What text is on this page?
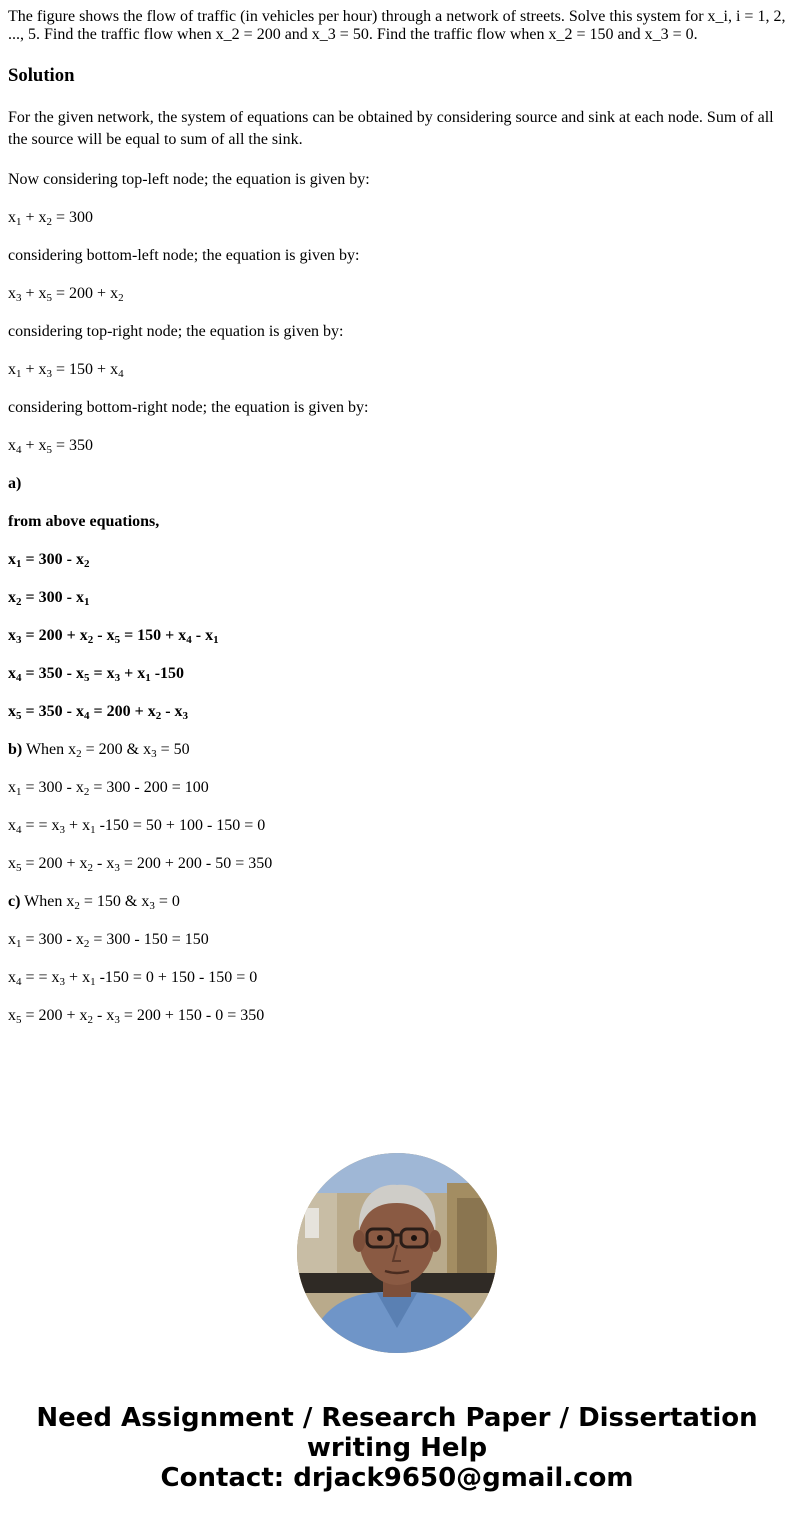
The figure shows the flow of traffic (in vehicles per hour) through a network of streets. Solve this system for x_i, i = 1, 2, ..., 5. Find the traffic flow when x_2 = 200 and x_3 = 50. Find the traffic flow when x_2 = 150 and x_3 = 0.
Solution

For the given network, the system of equations can be obtained by considering source and sink at each node. Sum of all the source will be equal to sum of all the sink.

Now considering top-left node; the equation is given by:

$x_1 + x_2 = 300$

considering bottom-left node; the equation is given by:

$x_3 + x_5 = 200 + x_2$

considering top-right node; the equation is given by:

$x_1 + x_3 = 150 + x_4$

considering bottom-right node; the equation is given by:

$x_4 + x_5 = 350$

a)

from above equations,

$x_1 = 300 - x_2$

$x_2 = 300 - x_1$

$x_3 = 200 + x_2 - x_5 = 150 + x_4 - x_1$

$x_4 = 350 - x_5 = x_3 + x_1$ -150

$x_5 = 350 - x_4 = 200 + x_2 - x_3$

b) When $x_2 = 200$ & $x_3 = 50$

$x_1 = 300 - x_2 = 300 - 200 = 100$

$x_4$ = = $x_3 + x_1$ -150 = 50 + 100 - 150 = 0

$x_5 = 200 + x_2 - x_3 = 200 + 200 - 50 = 350$

c) When $x_2 = 150$ & $x_3 = 0$

$x_1 = 300 - x_2 = 300 - 150 = 150$

$x_4$ = = $x_3 + x_1$ -150 = 0 + 150 - 150 = 0

$x_5 = 200 + x_2 - x_3 = 200 + 150 - 0 = 350$

Need Assignment / Research Paper / Dissertation
writing Help
Contact: drjack9650@gmail.com
